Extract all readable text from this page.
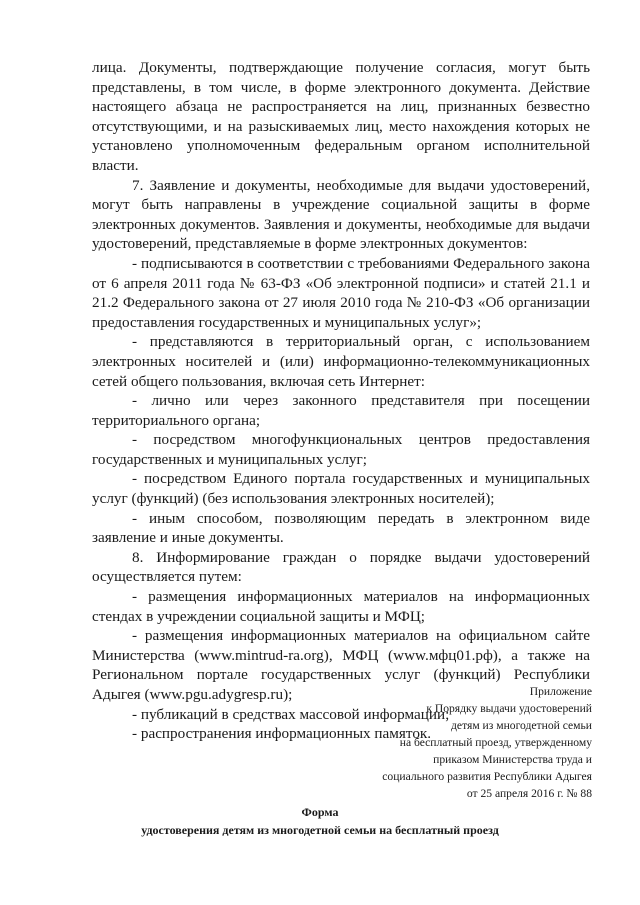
лица. Документы, подтверждающие получение согласия, могут быть представлены, в том числе, в форме электронного документа. Действие настоящего абзаца не распространяется на лиц, признанных безвестно отсутствующими, и на разыскиваемых лиц, место нахождения которых не установлено уполномоченным федеральным органом исполнительной власти.

7. Заявление и документы, необходимые для выдачи удостоверений, могут быть направлены в учреждение социальной защиты в форме электронных документов. Заявления и документы, необходимые для выдачи удостоверений, представляемые в форме электронных документов:

- подписываются в соответствии с требованиями Федерального закона от 6 апреля 2011 года № 63-ФЗ «Об электронной подписи» и статей 21.1 и 21.2 Федерального закона от 27 июля 2010 года № 210-ФЗ «Об организации предоставления государственных и муниципальных услуг»;

- представляются в территориальный орган, с использованием электронных носителей и (или) информационно-телекоммуникационных сетей общего пользования, включая сеть Интернет:

- лично или через законного представителя при посещении территориального органа;

- посредством многофункциональных центров предоставления государственных и муниципальных услуг;

- посредством Единого портала государственных и муниципальных услуг (функций) (без использования электронных носителей);

- иным способом, позволяющим передать в электронном виде заявление и иные документы.

8. Информирование граждан о порядке выдачи удостоверений осуществляется путем:

- размещения информационных материалов на информационных стендах в учреждении социальной защиты и МФЦ;

- размещения информационных материалов на официальном сайте Министерства (www.mintrud-ra.org), МФЦ (www.мфц01.рф), а также на Региональном портале государственных услуг (функций) Республики Адыгея (www.pgu.adygresp.ru);

- публикаций в средствах массовой информации;

- распространения информационных памяток.

Приложение
к Порядку выдачи удостоверений
детям из многодетной семьи
на бесплатный проезд, утвержденному
приказом Министерства труда и
социального развития Республики Адыгея
от 25 апреля 2016 г. № 88
Форма
удостоверения детям из многодетной семьи на бесплатный проезд
